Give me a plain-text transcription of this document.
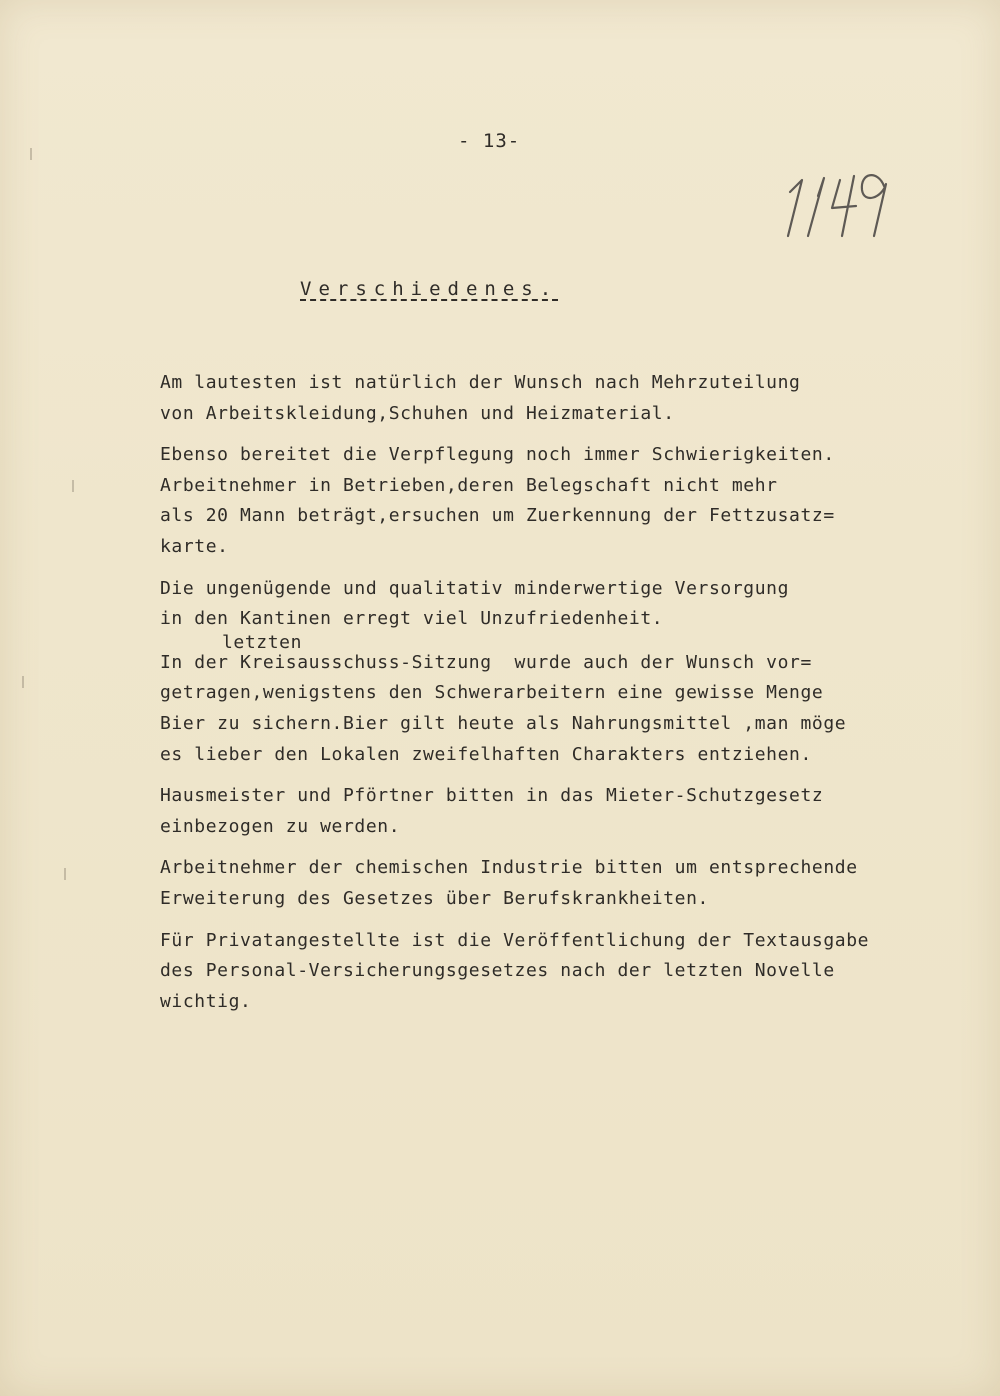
- 13-
Verschiedenes.
Am lautesten ist natürlich der Wunsch nach Mehrzuteilung
von Arbeitskleidung,Schuhen und Heizmaterial.
Ebenso bereitet die Verpflegung noch immer Schwierigkeiten.
Arbeitnehmer in Betrieben,deren Belegschaft nicht mehr
als 20 Mann beträgt,ersuchen um Zuerkennung der Fettzusatz=
karte.
Die ungenügende und qualitativ minderwertige Versorgung
in den Kantinen erregt viel Unzufriedenheit.
letzten
In der Kreisausschuss-Sitzung  wurde auch der Wunsch vor=
getragen,wenigstens den Schwerarbeitern eine gewisse Menge
Bier zu sichern.Bier gilt heute als Nahrungsmittel ,man möge
es lieber den Lokalen zweifelhaften Charakters entziehen.
Hausmeister und Pförtner bitten in das Mieter-Schutzgesetz
einbezogen zu werden.
Arbeitnehmer der chemischen Industrie bitten um entsprechende
Erweiterung des Gesetzes über Berufskrankheiten.
Für Privatangestellte ist die Veröffentlichung der Textausgabe
des Personal-Versicherungsgesetzes nach der letzten Novelle
wichtig.
